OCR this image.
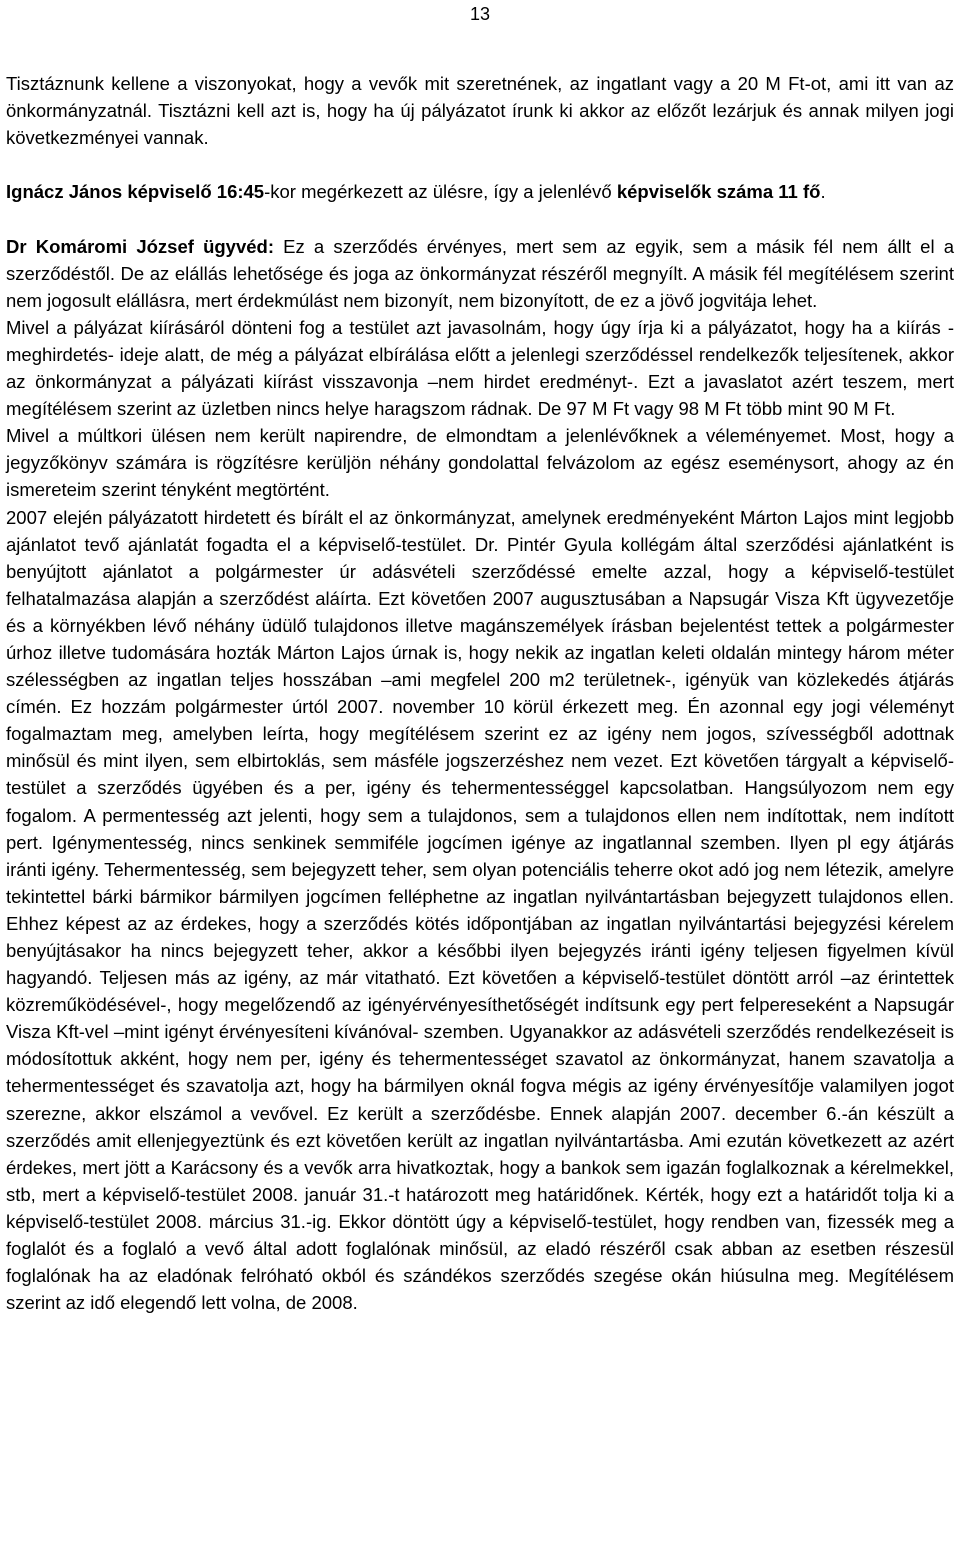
13

Tisztáznunk kellene a viszonyokat, hogy a vevők mit szeretnének, az ingatlant vagy a 20 M Ft-ot, ami itt van az önkormányzatnál. Tisztázni kell azt is, hogy ha új pályázatot írunk ki akkor az előzőt lezárjuk és annak milyen jogi következményei vannak.

Ignácz János képviselő 16:45-kor megérkezett az ülésre, így a jelenlévő képviselők száma 11 fő.

Dr Komáromi József ügyvéd: Ez a szerződés érvényes, mert sem az egyik, sem a másik fél nem állt el a szerződéstől. De az elállás lehetősége és joga az önkormányzat részéről megnyílt. A másik fél megítélésem szerint nem jogosult elállásra, mert érdekmúlást nem bizonyít, nem bizonyított, de ez a jövő jogvitája lehet.

Mivel a pályázat kiírásáról dönteni fog a testület azt javasolnám, hogy úgy írja ki a pályázatot, hogy ha a kiírás -meghirdetés- ideje alatt, de még a pályázat elbírálása előtt a jelenlegi szerződéssel rendelkezők teljesítenek, akkor az önkormányzat a pályázati kiírást visszavonja –nem hirdet eredményt-. Ezt a javaslatot azért teszem, mert megítélésem szerint az üzletben nincs helye haragszom rádnak. De 97 M Ft vagy 98 M Ft több mint 90 M Ft.

Mivel a múltkori ülésen nem került napirendre, de elmondtam a jelenlévőknek a véleményemet. Most, hogy a jegyzőkönyv számára is rögzítésre kerüljön néhány gondolattal felvázolom az egész eseménysort, ahogy az én ismereteim szerint tényként megtörtént.

2007 elején pályázatott hirdetett és bírált el az önkormányzat, amelynek eredményeként Márton Lajos mint legjobb ajánlatot tevő ajánlatát fogadta el a képviselő-testület. Dr. Pintér Gyula kollégám által szerződési ajánlatként is benyújtott ajánlatot a polgármester úr adásvételi szerződéssé emelte azzal, hogy a képviselő-testület felhatalmazása alapján a szerződést aláírta. Ezt követően 2007 augusztusában a Napsugár Visza Kft ügyvezetője és a környékben lévő néhány üdülő tulajdonos illetve magánszemélyek írásban bejelentést tettek a polgármester úrhoz illetve tudomására hozták Márton Lajos úrnak is, hogy nekik az ingatlan keleti oldalán mintegy három méter szélességben az ingatlan teljes hosszában –ami megfelel 200 m2 területnek-, igényük van közlekedés átjárás címén. Ez hozzám polgármester úrtól 2007. november 10 körül érkezett meg. Én azonnal egy jogi véleményt fogalmaztam meg, amelyben leírta, hogy megítélésem szerint ez az igény nem jogos, szívességből adottnak minősül és mint ilyen, sem elbirtoklás, sem másféle jogszerzéshez nem vezet. Ezt követően tárgyalt a képviselő-testület a szerződés ügyében és a per, igény és tehermentességgel kapcsolatban. Hangsúlyozom nem egy fogalom. A permentesség azt jelenti, hogy sem a tulajdonos, sem a tulajdonos ellen nem indítottak, nem indított pert. Igénymentesség, nincs senkinek semmiféle jogcímen igénye az ingatlannal szemben. Ilyen pl egy átjárás iránti igény. Tehermentesség, sem bejegyzett teher, sem olyan potenciális teherre okot adó jog nem létezik, amelyre tekintettel bárki bármikor bármilyen jogcímen felléphetne az ingatlan nyilvántartásban bejegyzett tulajdonos ellen. Ehhez képest az az érdekes, hogy a szerződés kötés időpontjában az ingatlan nyilvántartási bejegyzési kérelem benyújtásakor ha nincs bejegyzett teher, akkor a későbbi ilyen bejegyzés iránti igény teljesen figyelmen kívül hagyandó. Teljesen más az igény, az már vitatható. Ezt követően a képviselő-testület döntött arról –az érintettek közreműködésével-, hogy megelőzendő az igényérvényesíthetőségét indítsunk egy pert felpereseként a Napsugár Visza Kft-vel –mint igényt érvényesíteni kívánóval- szemben. Ugyanakkor az adásvételi szerződés rendelkezéseit is módosítottuk akként, hogy nem per, igény és tehermentességet szavatol az önkormányzat, hanem szavatolja a tehermentességet és szavatolja azt, hogy ha bármilyen oknál fogva mégis az igény érvényesítője valamilyen jogot szerezne, akkor elszámol a vevővel. Ez került a szerződésbe. Ennek alapján 2007. december 6.-án készült a szerződés amit ellenjegyeztünk és ezt követően került az ingatlan nyilvántartásba. Ami ezután következett az azért érdekes, mert jött a Karácsony és a vevők arra hivatkoztak, hogy a bankok sem igazán foglalkoznak a kérelmekkel, stb, mert a képviselő-testület 2008. január 31.-t határozott meg határidőnek. Kérték, hogy ezt a határidőt tolja ki a képviselő-testület 2008. március 31.-ig. Ekkor döntött úgy a képviselő-testület, hogy rendben van, fizessék meg a foglalót és a foglaló a vevő által adott foglalónak minősül, az eladó részéről csak abban az esetben részesül foglalónak ha az eladónak felróható okból és szándékos szerződés szegése okán hiúsulna meg. Megítélésem szerint az idő elegendő lett volna, de 2008.
